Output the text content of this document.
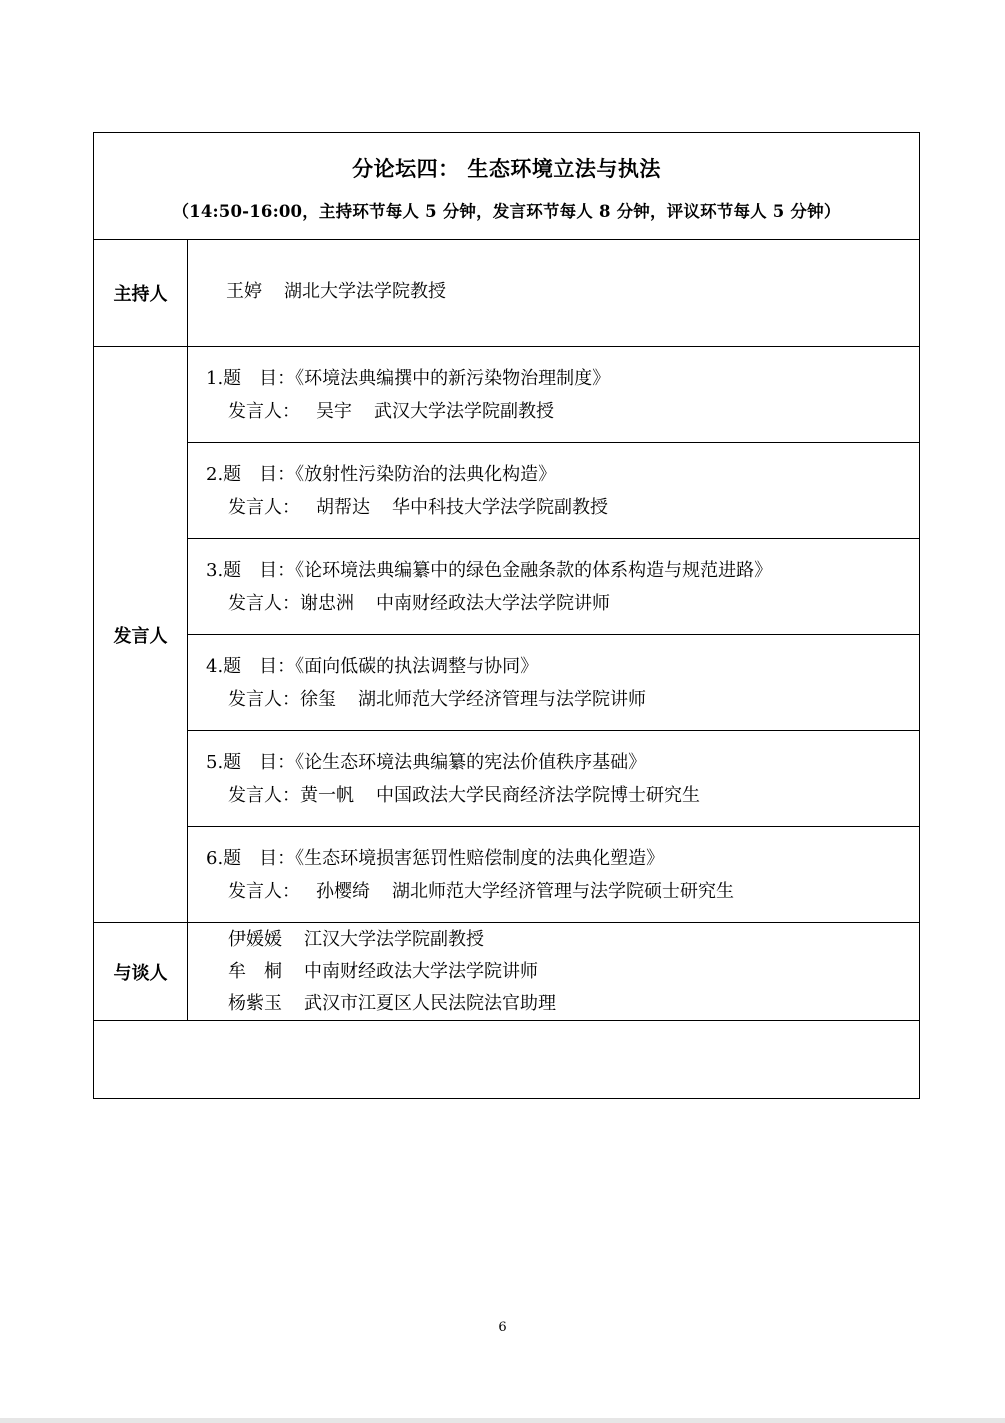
分论坛四： 生态环境立法与执法
（14:50-16:00，主持环节每人 5 分钟，发言环节每人 8 分钟，评议环节每人 5 分钟）	

主持人	王婷 湖北大学法学院教授

发言人	1.题　目：《环境法典编撰中的新污染物治理制度》
发言人： 吴宇 武汉大学法学院副教授

	2.题　目：《放射性污染防治的法典化构造》
发言人： 胡帮达 华中科技大学法学院副教授

	3.题　目：《论环境法典编纂中的绿色金融条款的体系构造与规范进路》
发言人：谢忠洲 中南财经政法大学法学院讲师

	4.题　目：《面向低碳的执法调整与协同》
发言人：徐玺 湖北师范大学经济管理与法学院讲师

	5.题　目：《论生态环境法典编纂的宪法价值秩序基础》
发言人：黄一帆 中国政法大学民商经济法学院博士研究生

	6.题　目：《生态环境损害惩罚性赔偿制度的法典化塑造》
发言人： 孙樱绮 湖北师范大学经济管理与法学院硕士研究生

与谈人	伊媛媛 江汉大学法学院副教授
牟　桐 中南财经政法大学法学院讲师
杨紫玉 武汉市江夏区人民法院法官助理

6
